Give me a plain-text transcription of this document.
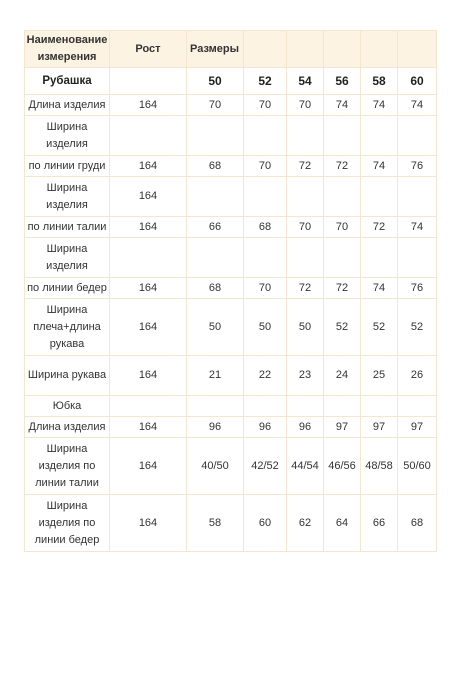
Наименование измерения	Рост	Размеры					
Рубашка		50	52	54	56	58	60
Длина изделия	164	70	70	70	74	74	74
Ширина изделия							
по линии груди	164	68	70	72	72	74	76
Ширина изделия	164						
по линии талии	164	66	68	70	70	72	74
Ширина изделия							
по линии бедер	164	68	70	72	72	74	76
Ширина плеча+длина рукава	164	50	50	50	52	52	52
Ширина рукава	164	21	22	23	24	25	26
Юбка							
Длина изделия	164	96	96	96	97	97	97
Ширина изделия по линии талии	164	40/50	42/52	44/54	46/56	48/58	50/60
Ширина изделия по линии бедер	164	58	60	62	64	66	68
